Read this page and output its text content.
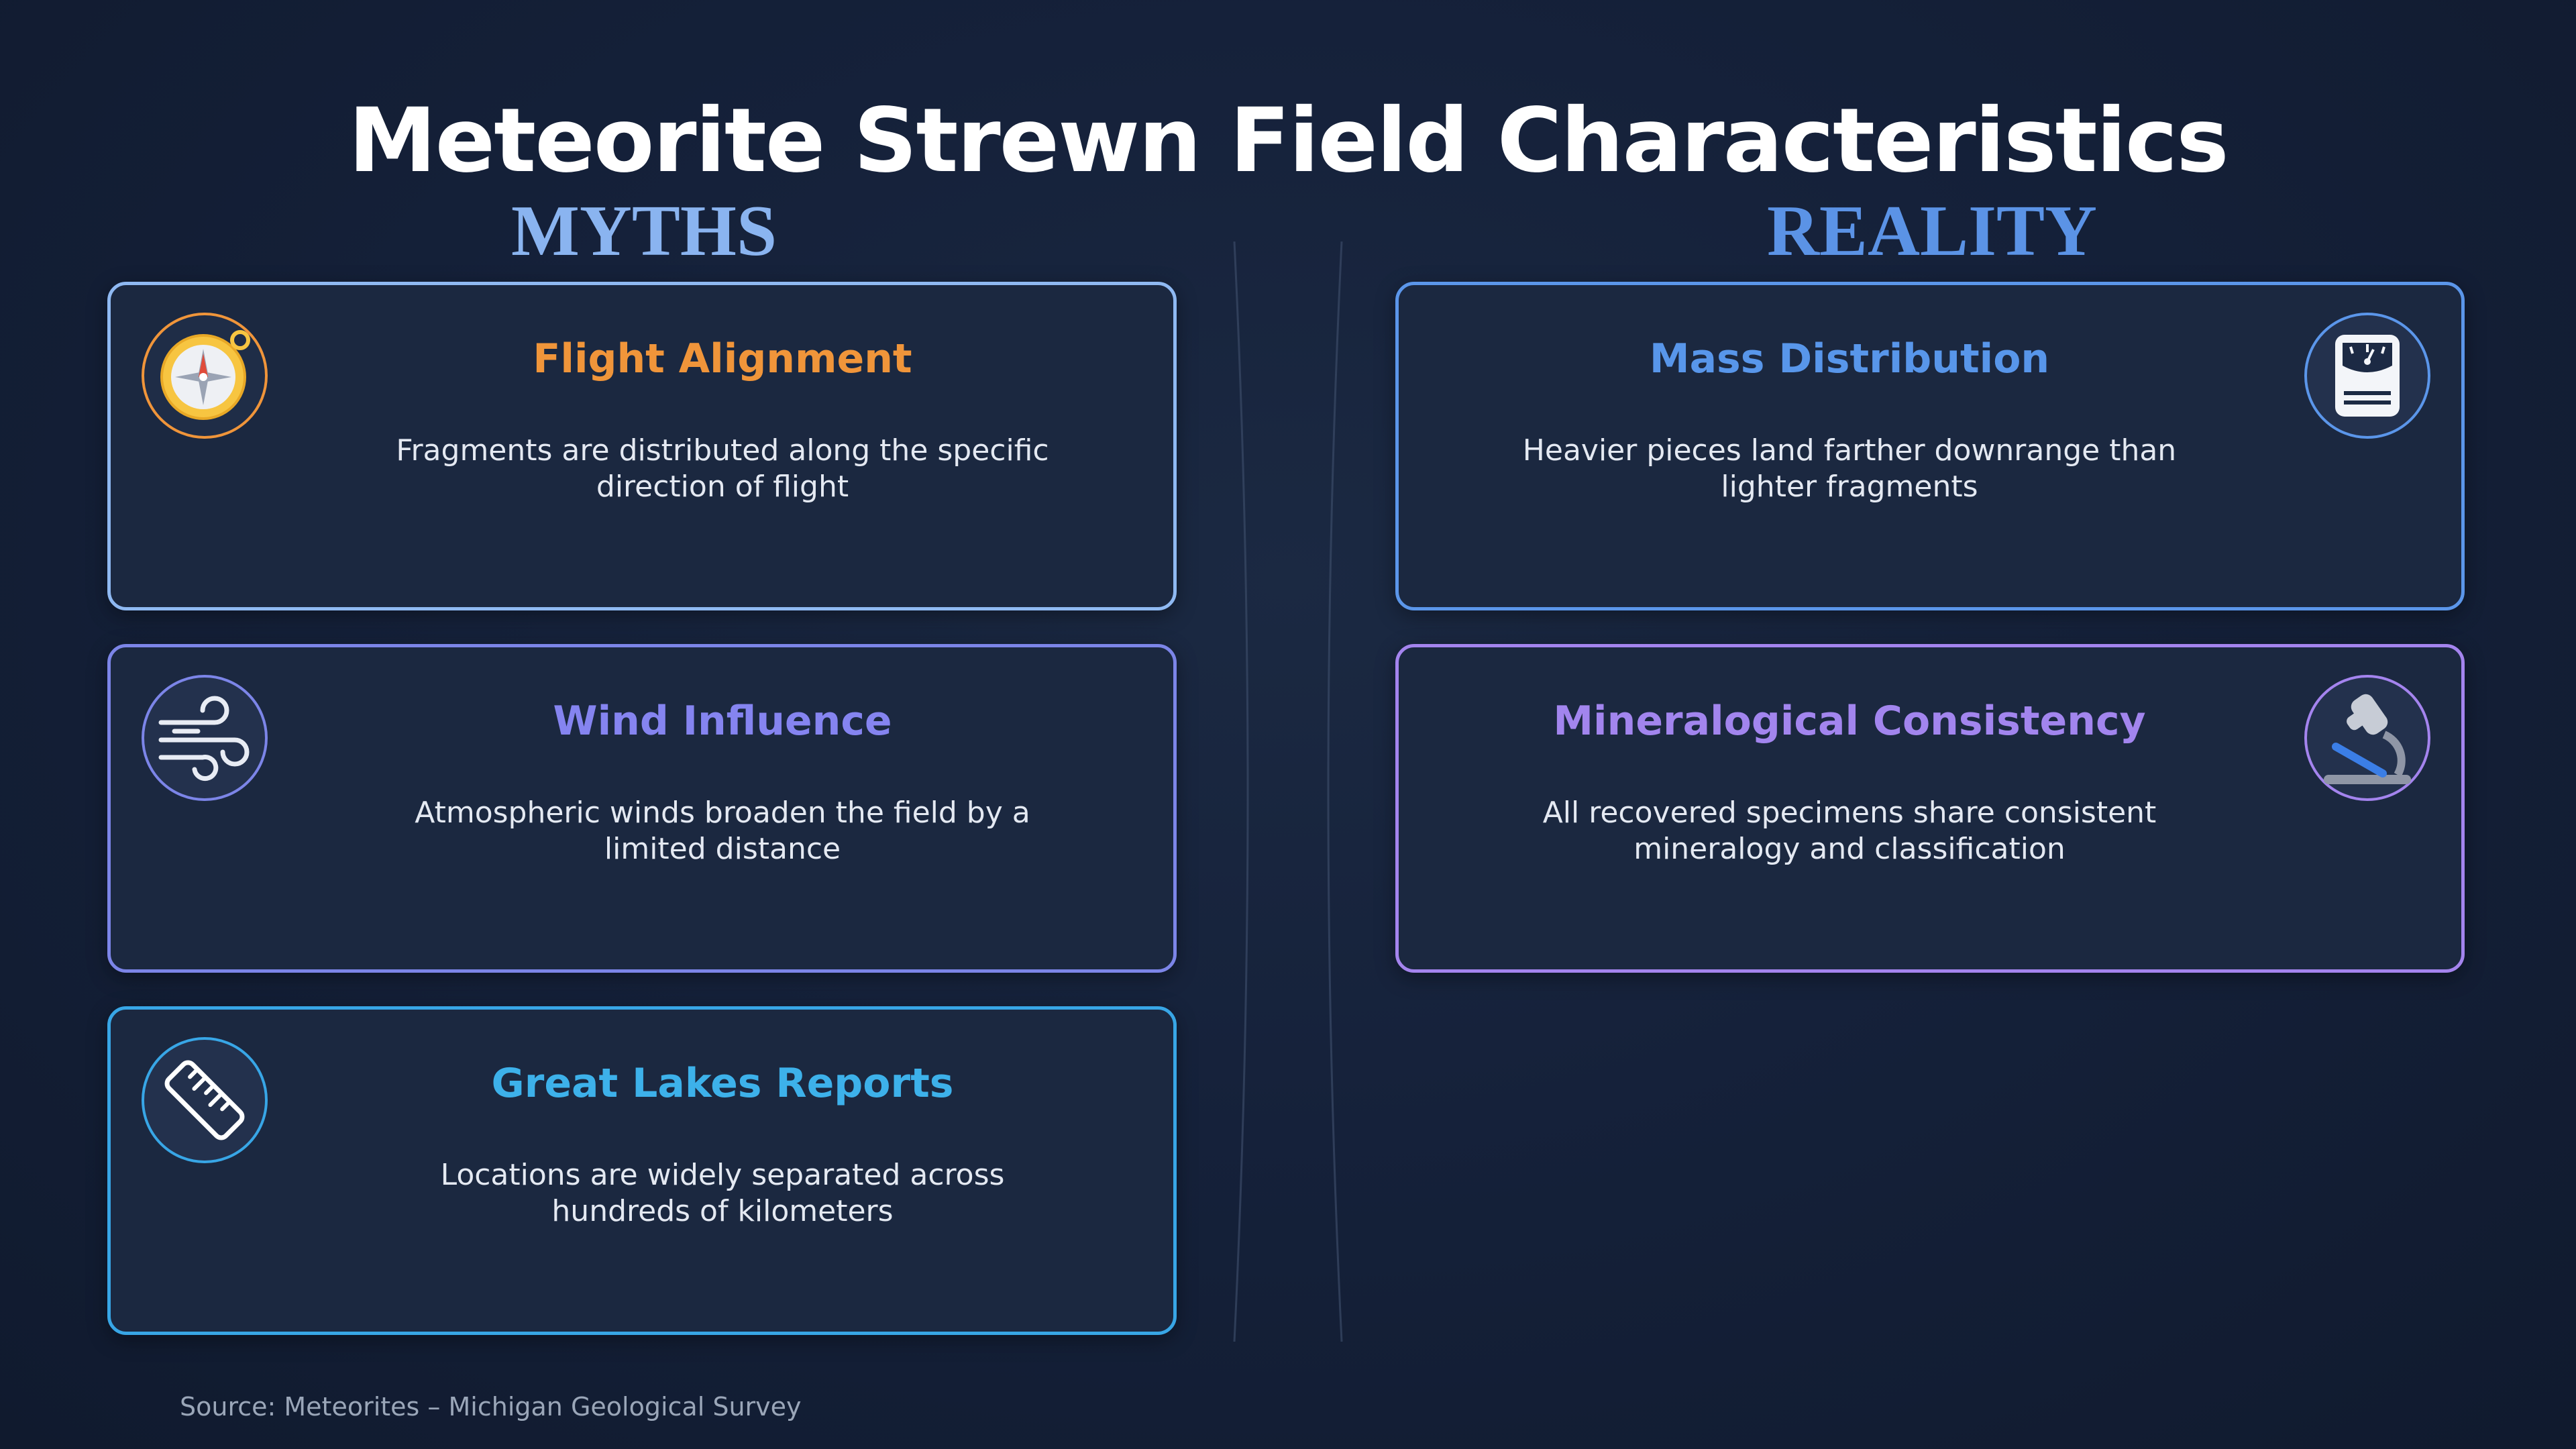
Meteorite Strewn Field Characteristics
MYTHS	REALITY
Flight Alignment
Fragments are distributed along the specific direction of flight
Wind Influence
Atmospheric winds broaden the field by a limited distance
Great Lakes Reports
Locations are widely separated across hundreds of kilometers
Mass Distribution
Heavier pieces land farther downrange than lighter fragments
Mineralogical Consistency
All recovered specimens share consistent mineralogy and classification
Source: Meteorites – Michigan Geological Survey
